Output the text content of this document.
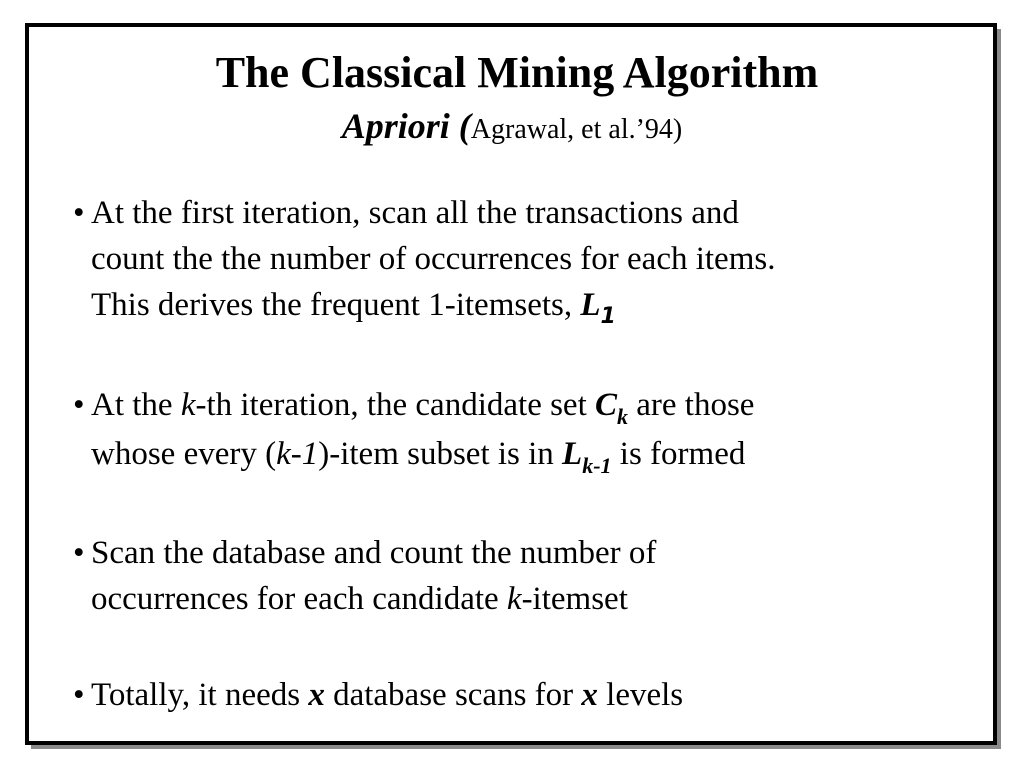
The Classical Mining Algorithm
Apriori (Agrawal, et al.’94)
• At the first iteration, scan all the transactions and
count the the number of occurrences for each items.
This derives the frequent 1-itemsets, $L_1$
• At the k-th iteration, the candidate set $C_k$ are those
whose every (k-1)-item subset is in $L_{k-1}$ is formed
• Scan the database and count the number of
occurrences for each candidate k-itemset
• Totally, it needs x database scans for x levels
